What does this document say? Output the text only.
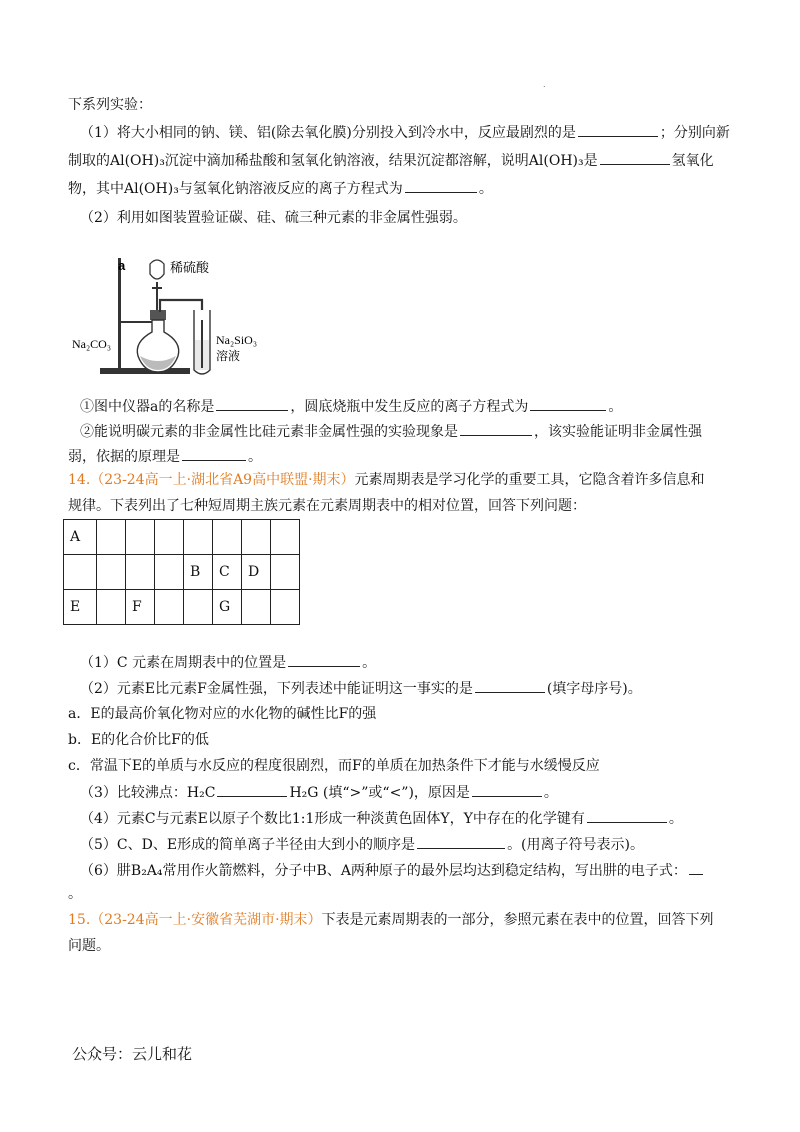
.
下系列实验：
（1）将大小相同的钠、镁、铝(除去氧化膜)分别投入到冷水中，反应最剧烈的是	；分别向新
制取的Al(OH)₃沉淀中滴加稀盐酸和氢氧化钠溶液，结果沉淀都溶解，说明Al(OH)₃是	氢氧化
物，其中Al(OH)₃与氢氧化钠溶液反应的离子方程式为	。
（2）利用如图装置验证碳、硅、硫三种元素的非金属性强弱。
a	稀硫酸
Na₂CO₃	Na₂SiO₃
溶液
①图中仪器a的名称是	，圆底烧瓶中发生反应的离子方程式为	。
②能说明碳元素的非金属性比硅元素非金属性强的实验现象是	，该实验能证明非金属性强
弱，依据的原理是	。
14.（23-24高一上·湖北省A9高中联盟·期末）元素周期表是学习化学的重要工具，它隐含着许多信息和
规律。下表列出了七种短周期主族元素在元素周期表中的相对位置，回答下列问题：
A							
				B	C	D	
E		F			G		
（1）C 元素在周期表中的位置是	。
（2）元素E比元素F金属性强，下列表述中能证明这一事实的是	(填字母序号)。
a．E的最高价氧化物对应的水化物的碱性比F的强
b．E的化合价比F的低
c．常温下E的单质与水反应的程度很剧烈，而F的单质在加热条件下才能与水缓慢反应
（3）比较沸点：H₂C	H₂G (填“>”或“<”)，原因是	。
（4）元素C与元素E以原子个数比1:1形成一种淡黄色固体Y，Y中存在的化学键有	。
（5）C、D、E形成的简单离子半径由大到小的顺序是	。(用离子符号表示)。
（6）肼B₂A₄常用作火箭燃料，分子中B、A两种原子的最外层均达到稳定结构，写出肼的电子式：
。
15.（23-24高一上·安徽省芜湖市·期末）下表是元素周期表的一部分，参照元素在表中的位置，回答下列
问题。
公众号：云儿和花
